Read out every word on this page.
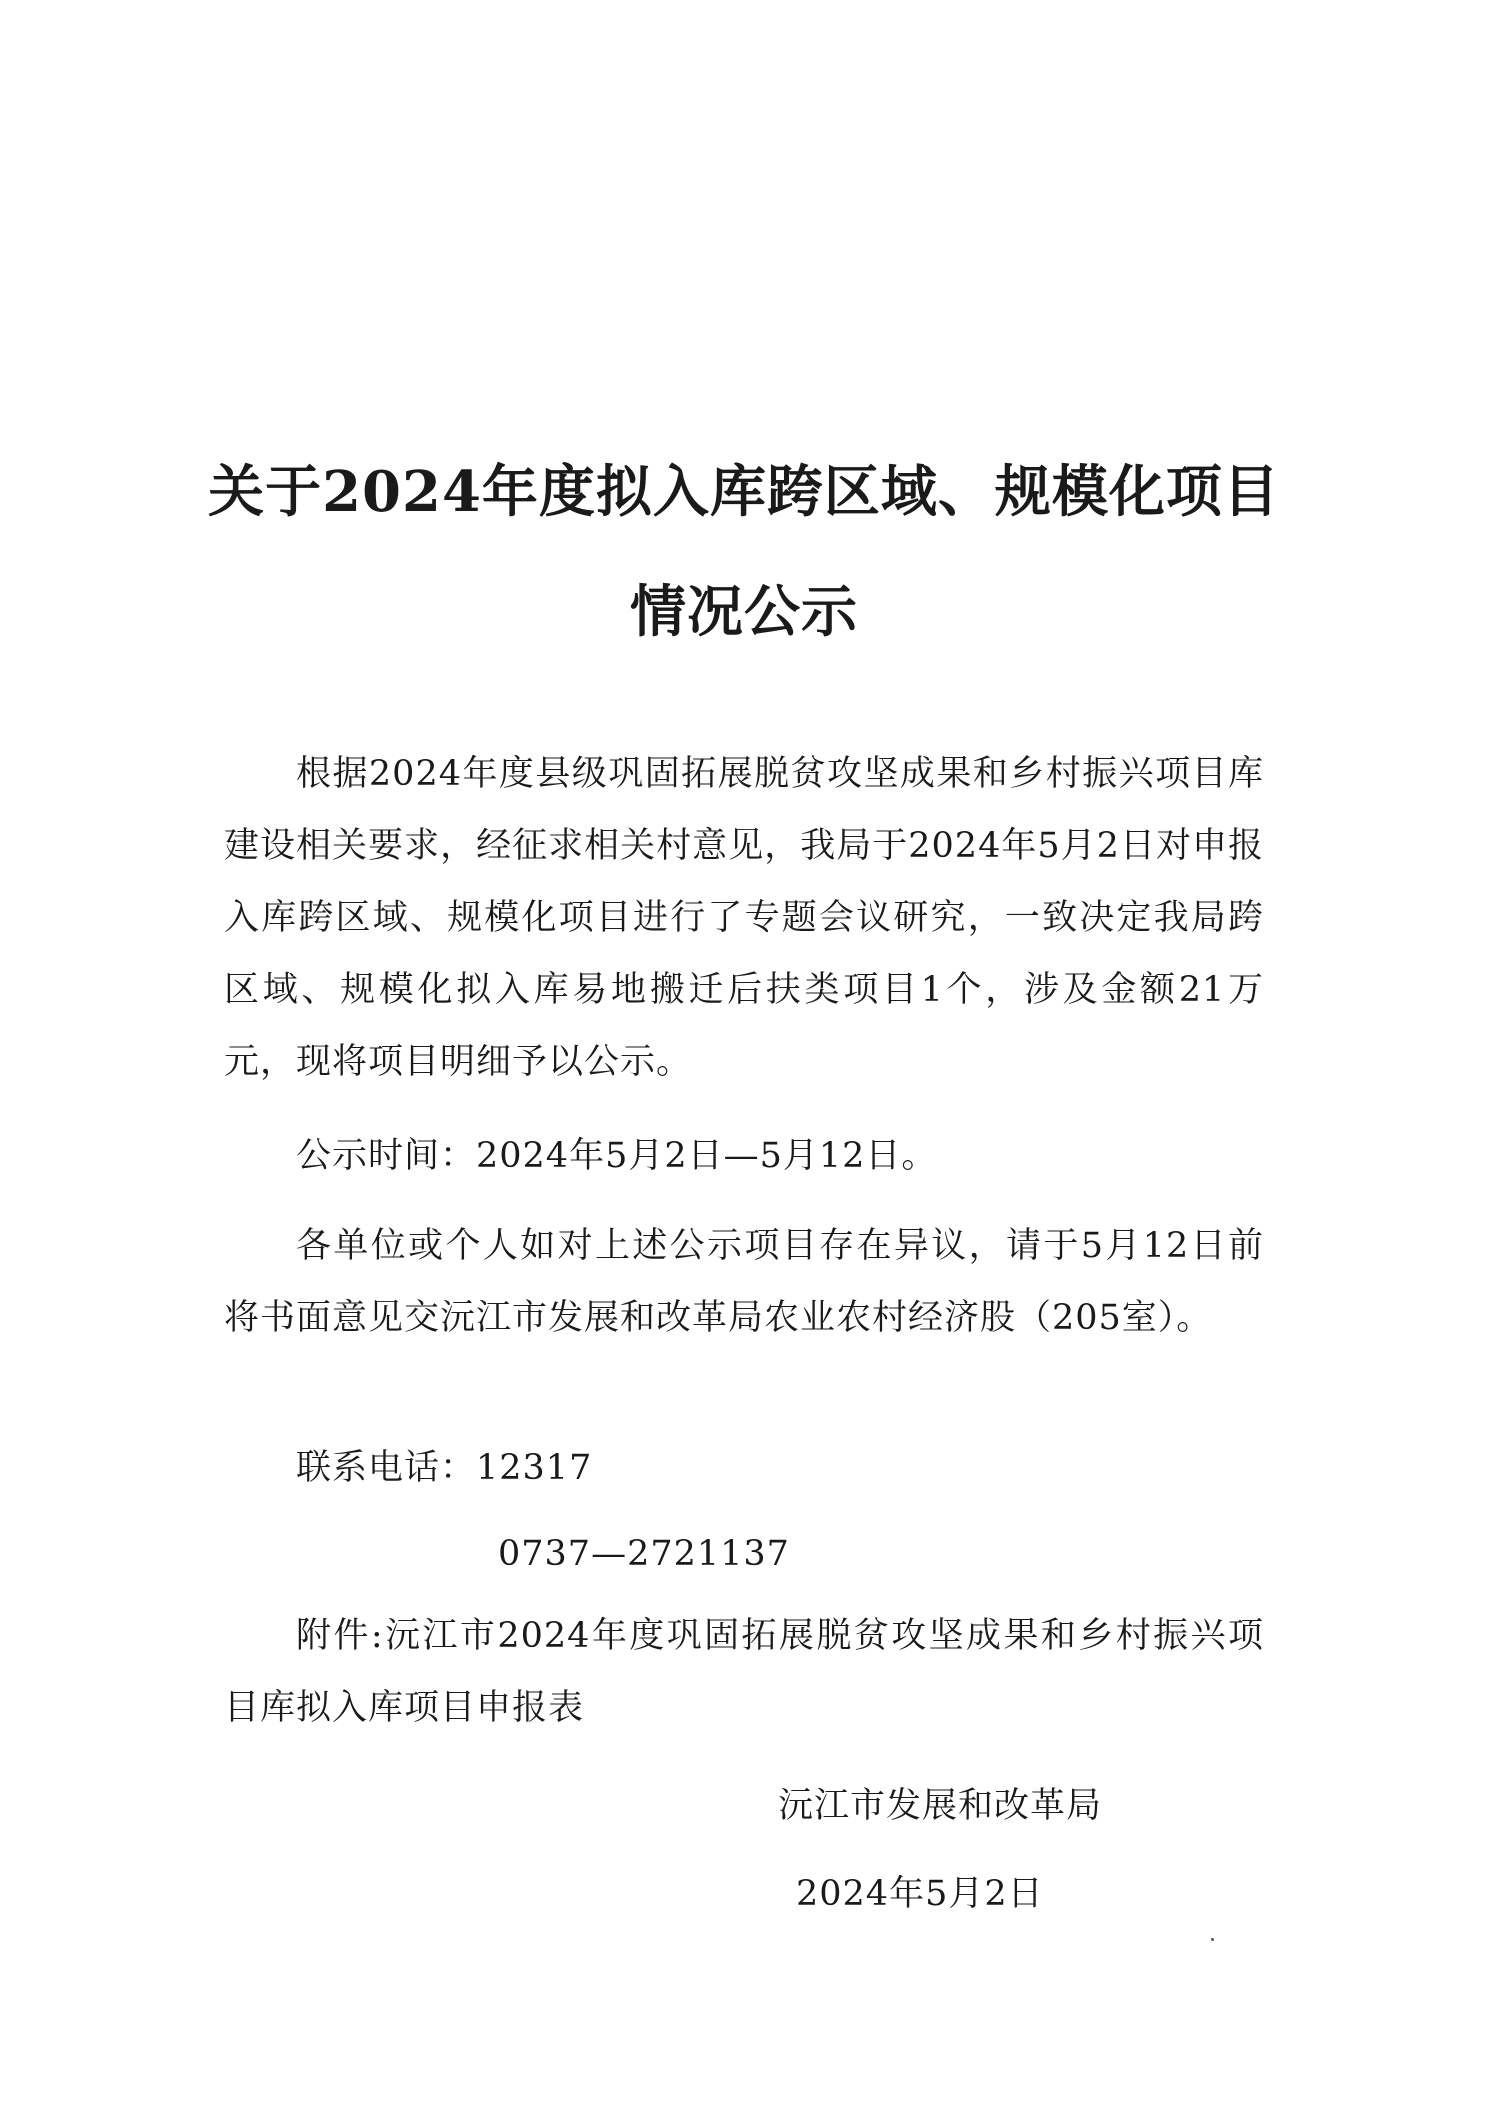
关于2024年度拟入库跨区域、规模化项目
情况公示
根据2024年度县级巩固拓展脱贫攻坚成果和乡村振兴项目库建设相关要求，经征求相关村意见，我局于2024年5月2日对申报入库跨区域、规模化项目进行了专题会议研究，一致决定我局跨区域、规模化拟入库易地搬迁后扶类项目1个，涉及金额21万元，现将项目明细予以公示。
公示时间：2024年5月2日—5月12日。
各单位或个人如对上述公示项目存在异议，请于5月12日前将书面意见交沅江市发展和改革局农业农村经济股（205室）。
联系电话：12317
0737—2721137
附件:沅江市2024年度巩固拓展脱贫攻坚成果和乡村振兴项目库拟入库项目申报表
沅江市发展和改革局
2024年5月2日
